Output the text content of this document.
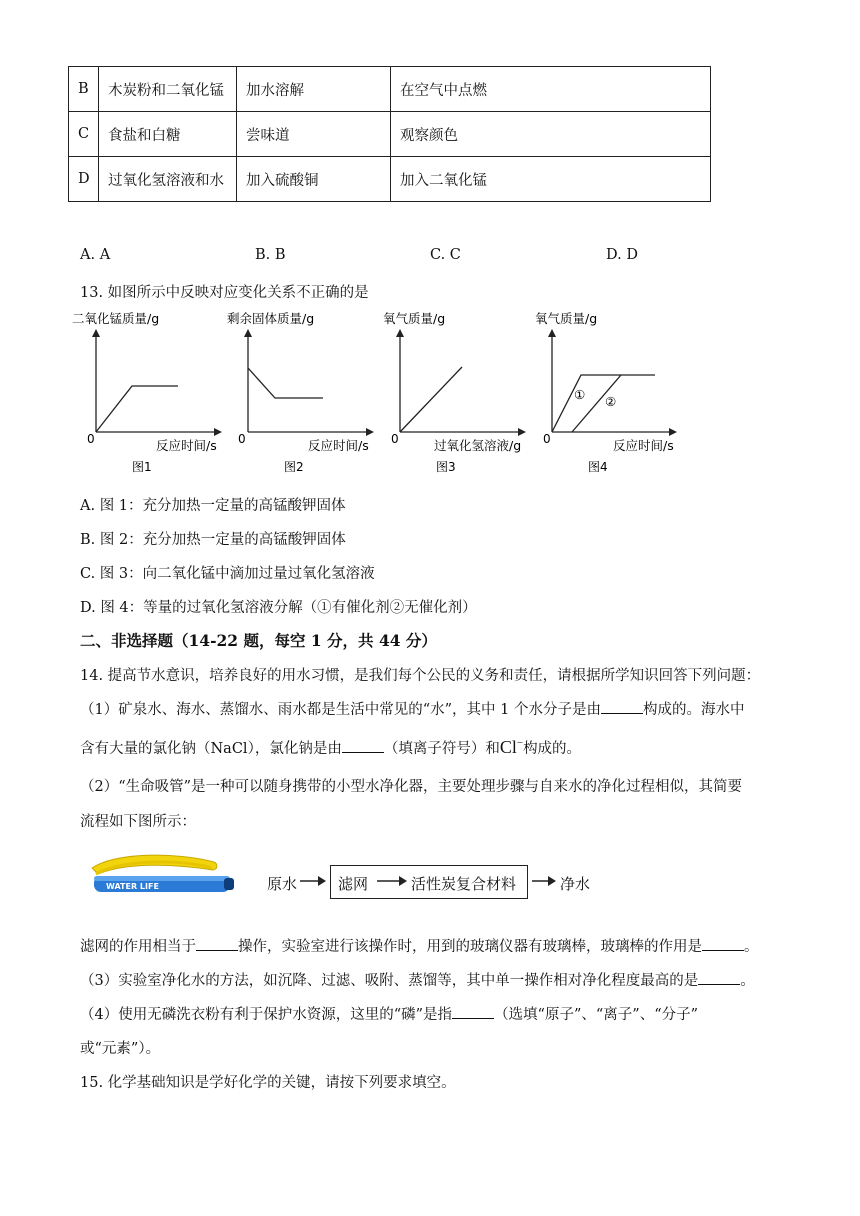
B	木炭粉和二氧化锰	加水溶解	在空气中点燃
C	食盐和白糖	尝味道	观察颜色
D	过氧化氢溶液和水	加入硫酸铜	加入二氧化锰
A. A	B. B	C. C	D. D
13. 如图所示中反映对应变化关系不正确的是
二氧化锰质量/g
0	反应时间/s
图1
剩余固体质量/g
0	反应时间/s
图2
氧气质量/g
0	过氧化氢溶液/g
图3
氧气质量/g
① ②
0	反应时间/s
图4
A. 图 1：充分加热一定量的高锰酸钾固体
B. 图 2：充分加热一定量的高锰酸钾固体
C. 图 3：向二氧化锰中滴加过量过氧化氢溶液
D. 图 4：等量的过氧化氢溶液分解（①有催化剂②无催化剂）
二、非选择题（14-22 题，每空 1 分，共 44 分）
14. 提高节水意识，培养良好的用水习惯，是我们每个公民的义务和责任，请根据所学知识回答下列问题：
（1）矿泉水、海水、蒸馏水、雨水都是生活中常见的“水”，其中 1 个水分子是由	构成的。海水中
含有大量的氯化钠（NaCl），氯化钠是由	（填离子符号）和Cl−构成的。
（2）“生命吸管”是一种可以随身携带的小型水净化器，主要处理步骤与自来水的净化过程相似，其简要
流程如下图所示：
WATER LIFE	原水	滤网	活性炭复合材料	净水
滤网的作用相当于	操作，实验室进行该操作时，用到的玻璃仪器有玻璃棒，玻璃棒的作用是	。
（3）实验室净化水的方法，如沉降、过滤、吸附、蒸馏等，其中单一操作相对净化程度最高的是	。
（4）使用无磷洗衣粉有利于保护水资源，这里的“磷”是指	（选填“原子”、“离子”、“分子”
或“元素”）。
15. 化学基础知识是学好化学的关键，请按下列要求填空。
